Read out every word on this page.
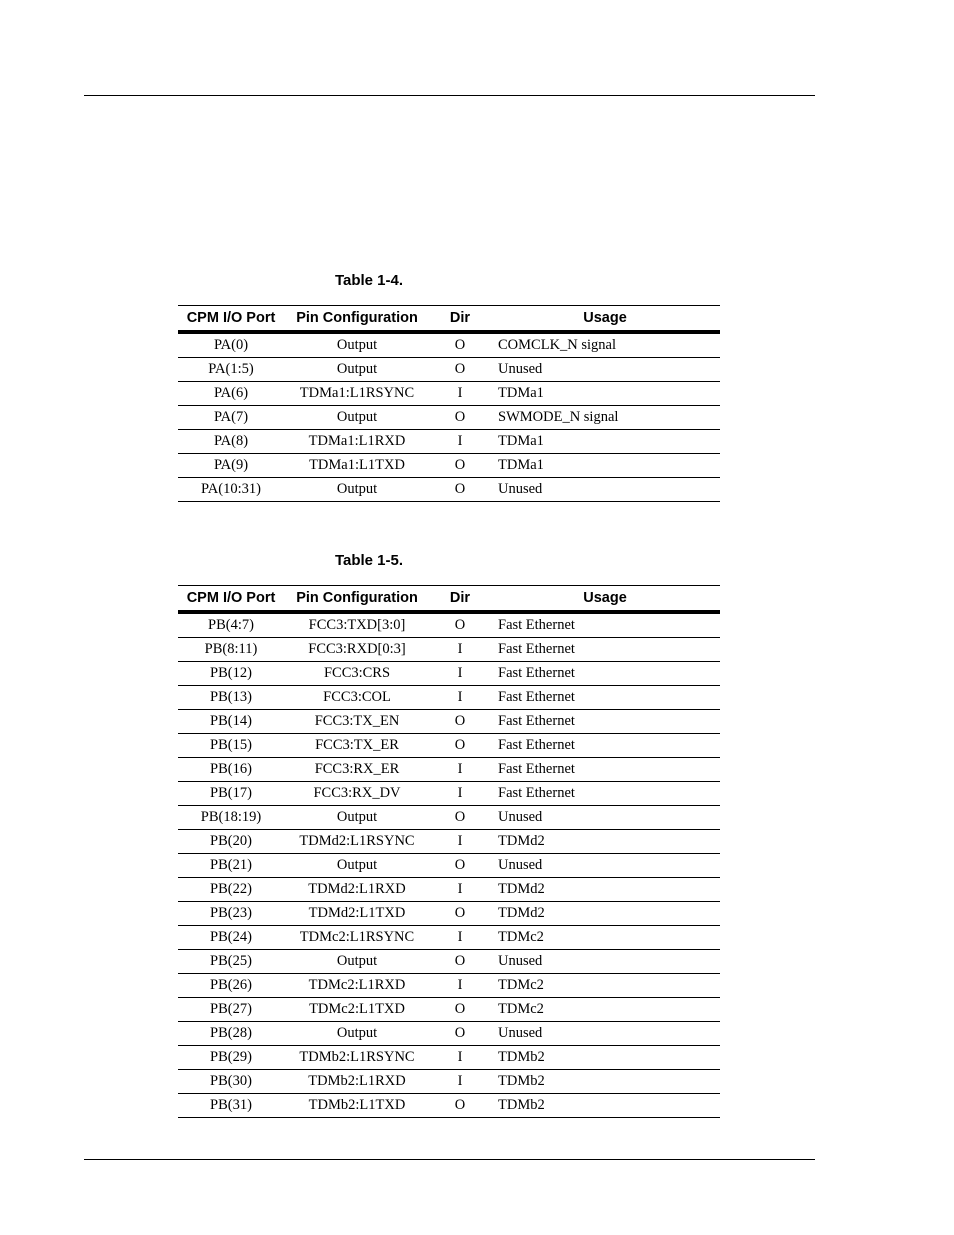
Table 1-4.
CPM I/O Port	Pin Configuration	Dir	Usage
PA(0)	Output	O	COMCLK_N signal
PA(1:5)	Output	O	Unused
PA(6)	TDMa1:L1RSYNC	I	TDMa1
PA(7)	Output	O	SWMODE_N signal
PA(8)	TDMa1:L1RXD	I	TDMa1
PA(9)	TDMa1:L1TXD	O	TDMa1
PA(10:31)	Output	O	Unused
Table 1-5.
CPM I/O Port	Pin Configuration	Dir	Usage
PB(4:7)	FCC3:TXD[3:0]	O	Fast Ethernet
PB(8:11)	FCC3:RXD[0:3]	I	Fast Ethernet
PB(12)	FCC3:CRS	I	Fast Ethernet
PB(13)	FCC3:COL	I	Fast Ethernet
PB(14)	FCC3:TX_EN	O	Fast Ethernet
PB(15)	FCC3:TX_ER	O	Fast Ethernet
PB(16)	FCC3:RX_ER	I	Fast Ethernet
PB(17)	FCC3:RX_DV	I	Fast Ethernet
PB(18:19)	Output	O	Unused
PB(20)	TDMd2:L1RSYNC	I	TDMd2
PB(21)	Output	O	Unused
PB(22)	TDMd2:L1RXD	I	TDMd2
PB(23)	TDMd2:L1TXD	O	TDMd2
PB(24)	TDMc2:L1RSYNC	I	TDMc2
PB(25)	Output	O	Unused
PB(26)	TDMc2:L1RXD	I	TDMc2
PB(27)	TDMc2:L1TXD	O	TDMc2
PB(28)	Output	O	Unused
PB(29)	TDMb2:L1RSYNC	I	TDMb2
PB(30)	TDMb2:L1RXD	I	TDMb2
PB(31)	TDMb2:L1TXD	O	TDMb2
